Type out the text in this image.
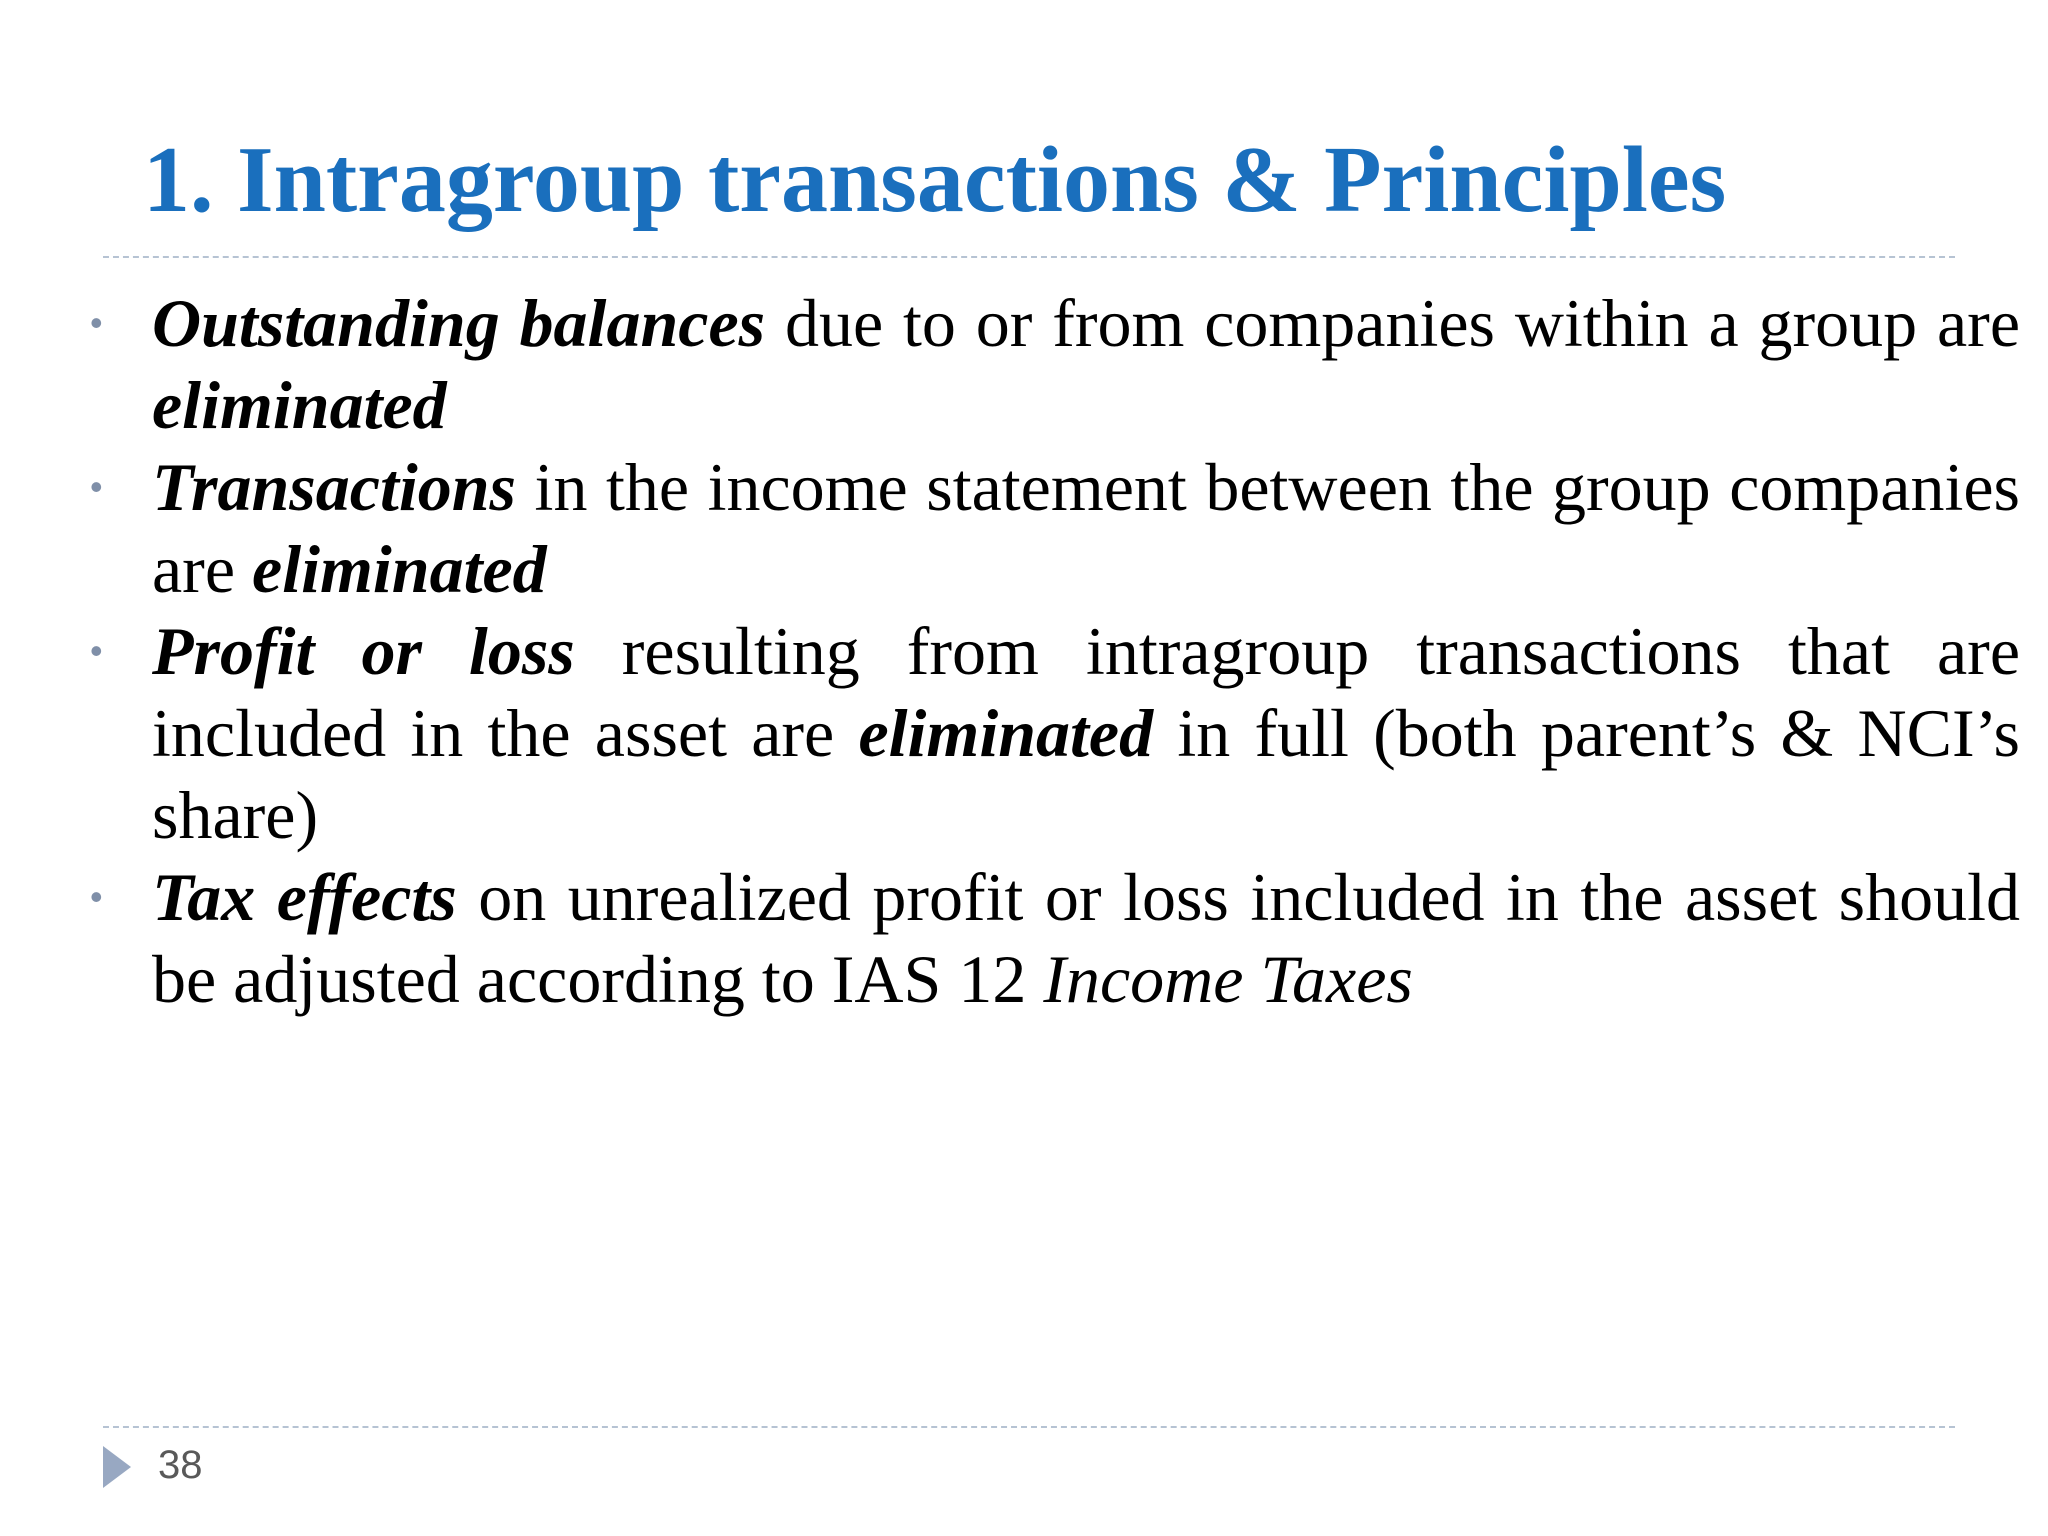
1. Intragroup transactions & Principles
• Outstanding balances due to or from companies within a group are eliminated
• Transactions in the income statement between the group companies are eliminated
• Profit or loss resulting from intragroup transactions that are included in the asset are eliminated in full (both parent’s & NCI’s share)
• Tax effects on unrealized profit or loss included in the asset should be adjusted according to IAS 12 Income Taxes
38
